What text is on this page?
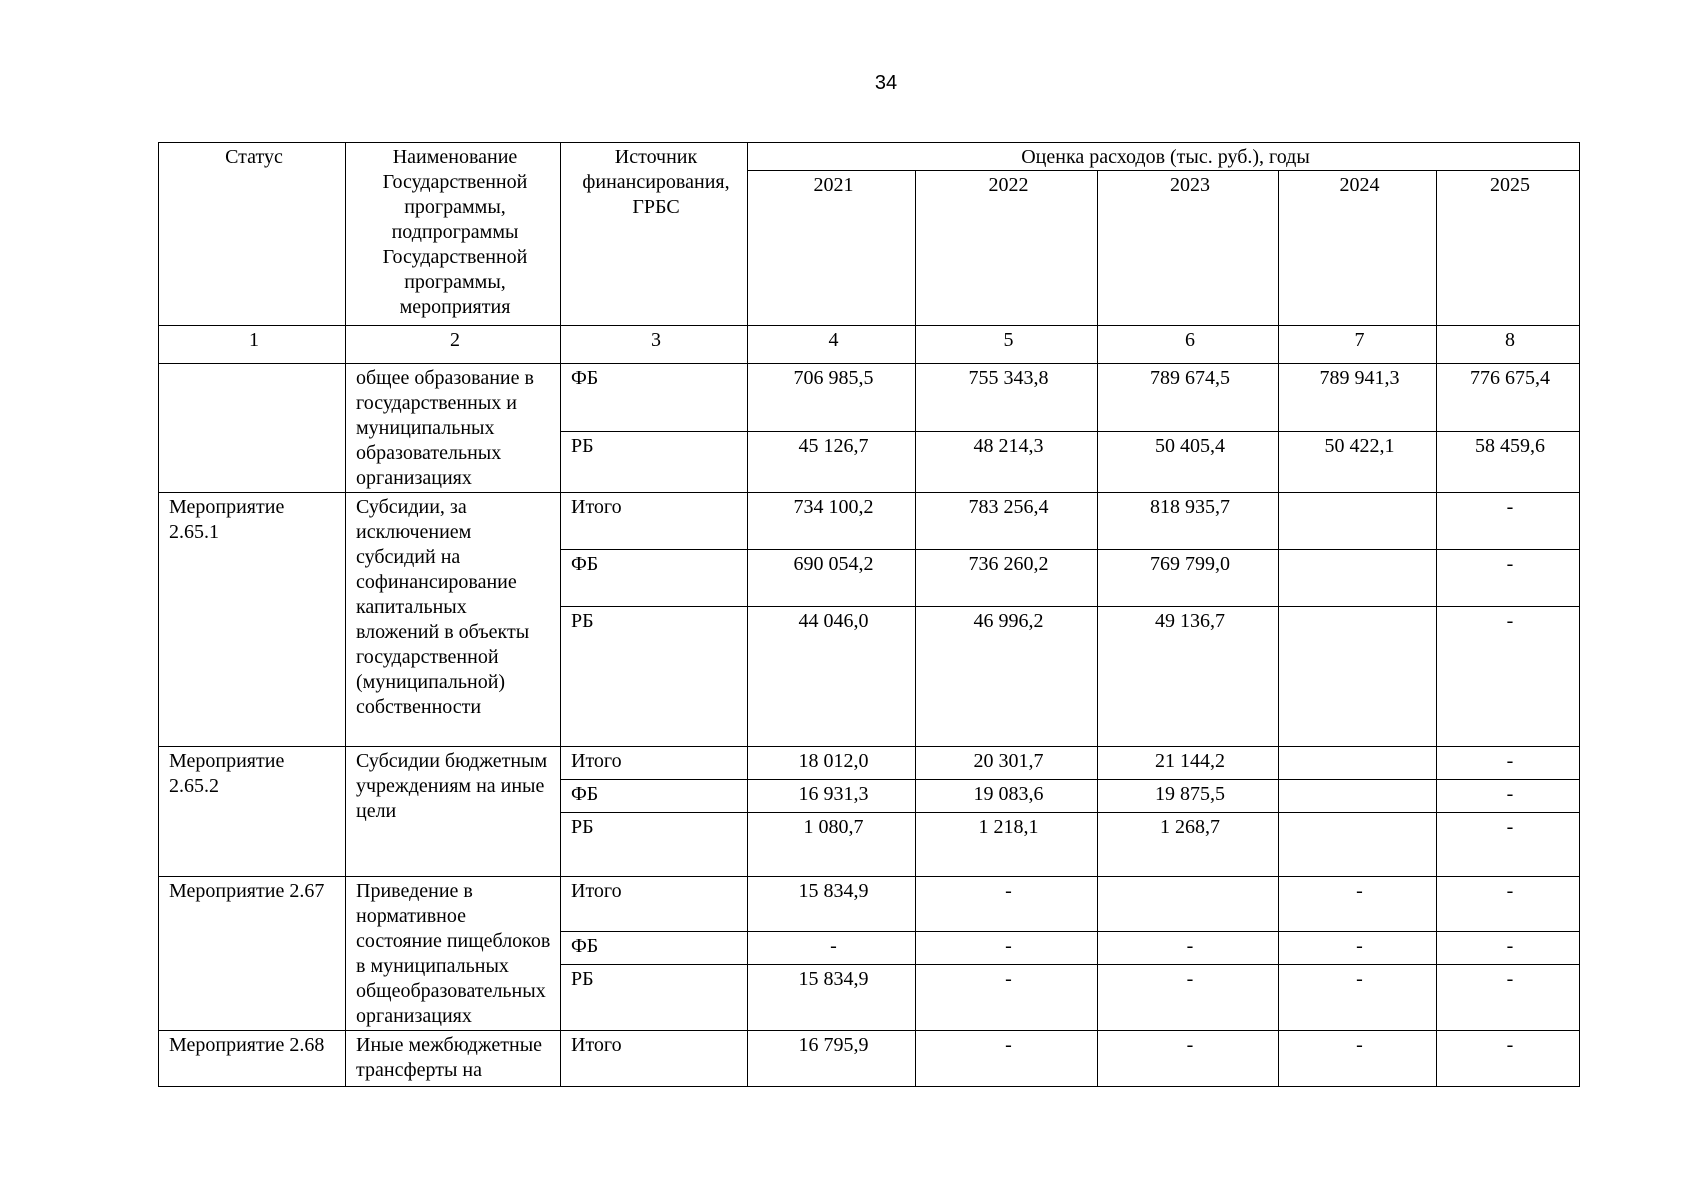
34
Статус	Наименование Государственной программы, подпрограммы Государственной программы, мероприятия	Источник финансирования, ГРБС	Оценка расходов (тыс. руб.), годы				
			2021	2022	2023	2024	2025
1	2	3	4	5	6	7	8
	общее образование в государственных и муниципальных образовательных организациях	ФБ	706 985,5	755 343,8	789 674,5	789 941,3	776 675,4
		РБ	45 126,7	48 214,3	50 405,4	50 422,1	58 459,6
Мероприятие 2.65.1	Субсидии, за исключением субсидий на софинансирование капитальных вложений в объекты государственной (муниципальной) собственности	Итого	734 100,2	783 256,4	818 935,7		-
		ФБ	690 054,2	736 260,2	769 799,0		-
		РБ	44 046,0	46 996,2	49 136,7		-
Мероприятие 2.65.2	Субсидии бюджетным учреждениям на иные цели	Итого	18 012,0	20 301,7	21 144,2		-
		ФБ	16 931,3	19 083,6	19 875,5		-
		РБ	1 080,7	1 218,1	1 268,7		-
Мероприятие 2.67	Приведение в нормативное состояние пищеблоков в муниципальных общеобразовательных организациях	Итого	15 834,9	-		-	-
		ФБ	-	-	-	-	-
		РБ	15 834,9	-	-	-	-
Мероприятие 2.68	Иные межбюджетные трансферты на	Итого	16 795,9	-	-	-	-
